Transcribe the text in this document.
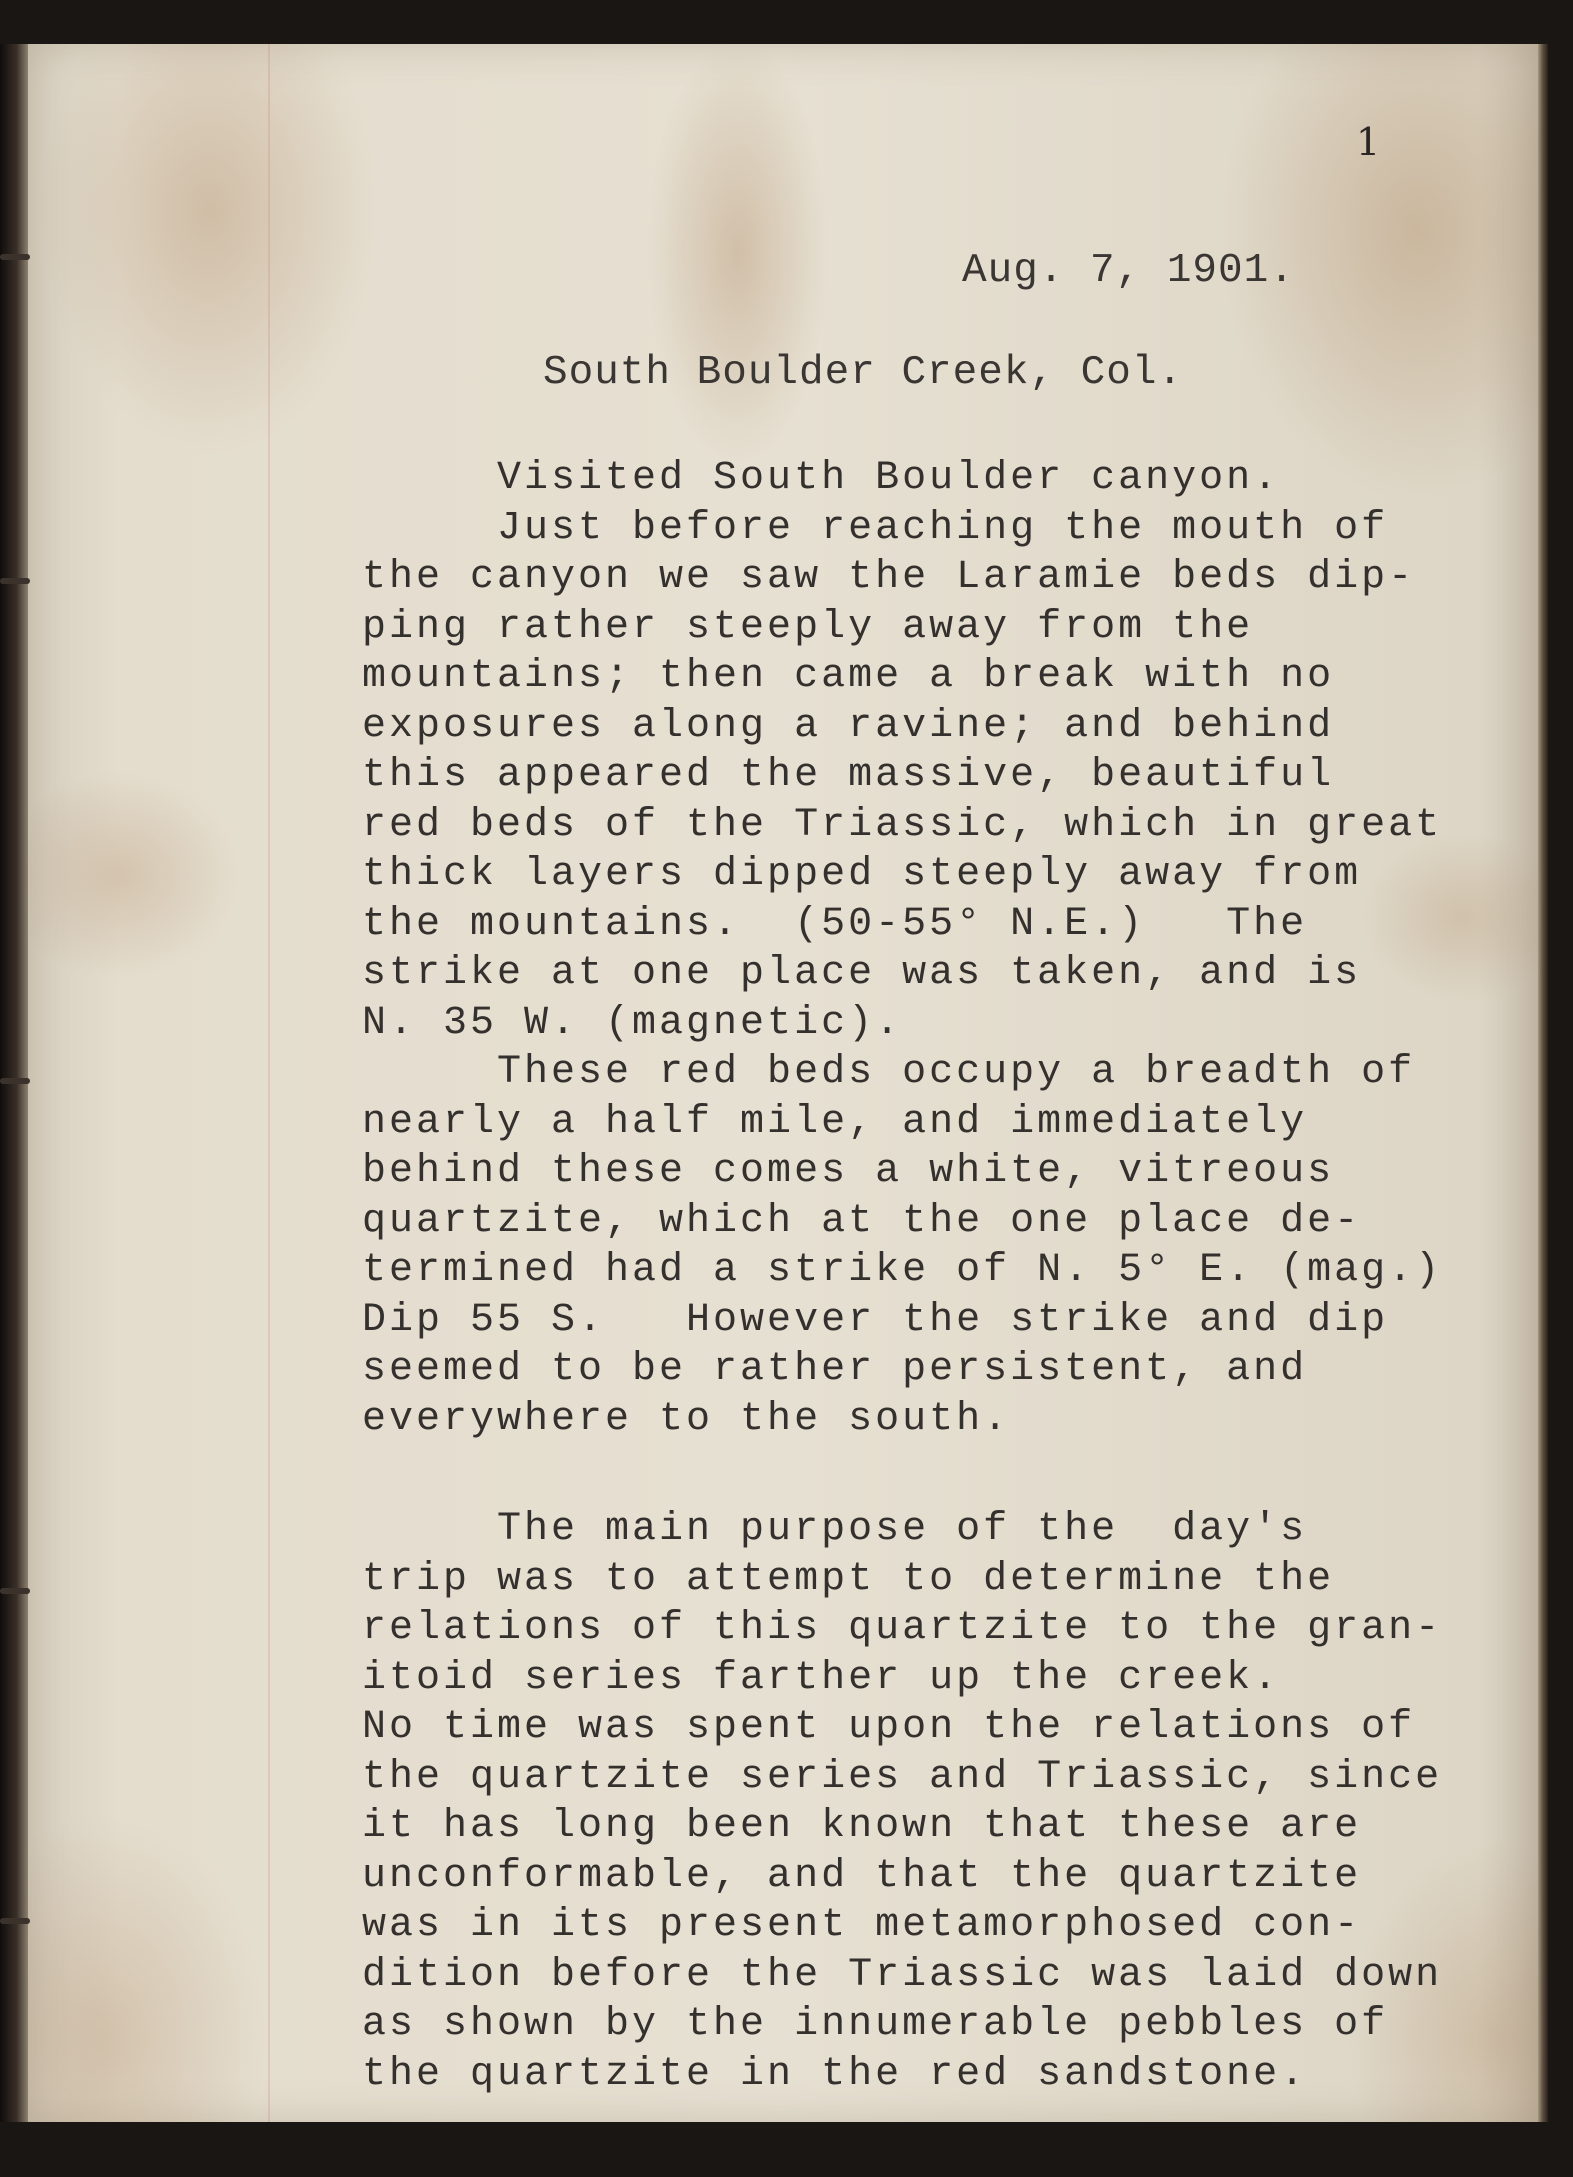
1
Aug. 7, 1901.
South Boulder Creek, Col.
Visited South Boulder canyon.
Just before reaching the mouth of
the canyon we saw the Laramie beds dip-
ping rather steeply away from the
mountains; then came a break with no
exposures along a ravine; and behind
this appeared the massive, beautiful
red beds of the Triassic, which in great
thick layers dipped steeply away from
the mountains.  (50-55° N.E.)   The
strike at one place was taken, and is
N. 35 W. (magnetic).
These red beds occupy a breadth of
nearly a half mile, and immediately
behind these comes a white, vitreous
quartzite, which at the one place de-
termined had a strike of N. 5° E. (mag.)
Dip 55 S.   However the strike and dip
seemed to be rather persistent, and
everywhere to the south.
The main purpose of the  day's
trip was to attempt to determine the
relations of this quartzite to the gran-
itoid series farther up the creek.
No time was spent upon the relations of
the quartzite series and Triassic, since
it has long been known that these are
unconformable, and that the quartzite
was in its present metamorphosed con-
dition before the Triassic was laid down
as shown by the innumerable pebbles of
the quartzite in the red sandstone.
